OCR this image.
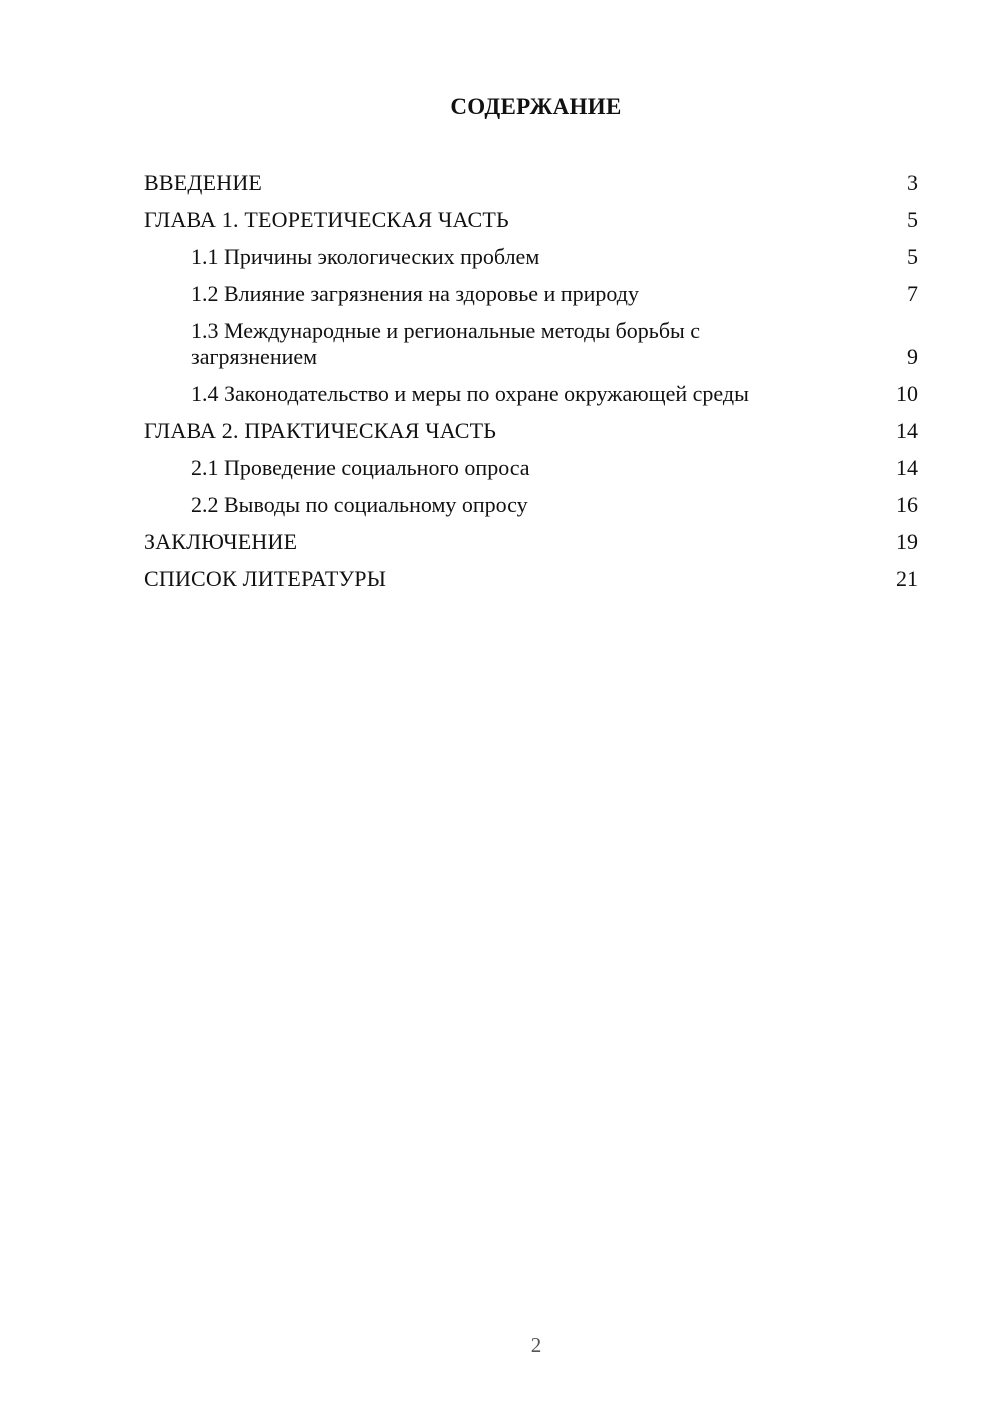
СОДЕРЖАНИЕ
ВВЕДЕНИЕ	3
ГЛАВА 1. ТЕОРЕТИЧЕСКАЯ ЧАСТЬ	5
1.1 Причины экологических проблем	5
1.2 Влияние загрязнения на здоровье и природу	7
1.3 Международные и региональные методы борьбы с загрязнением	9
1.4 Законодательство и меры по охране окружающей среды	10
ГЛАВА 2. ПРАКТИЧЕСКАЯ ЧАСТЬ	14
2.1 Проведение социального опроса	14
2.2 Выводы по социальному опросу	16
ЗАКЛЮЧЕНИЕ	19
СПИСОК ЛИТЕРАТУРЫ	21
2
